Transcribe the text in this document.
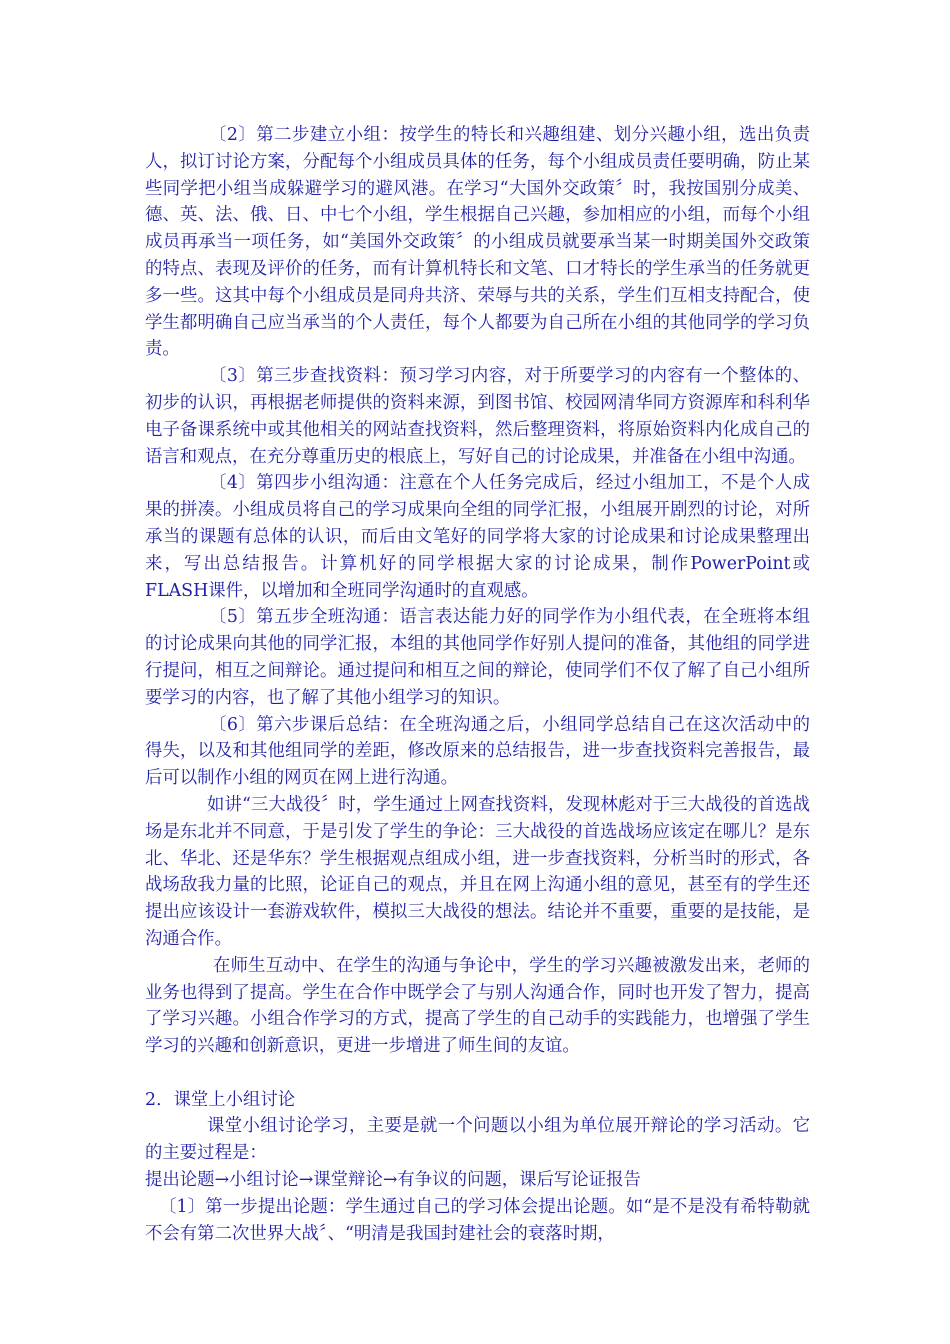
〔2〕第二步建立小组：按学生的特长和兴趣组建、划分兴趣小组，选出负责人，拟订讨论方案，分配每个小组成员具体的任务，每个小组成员责任要明确，防止某些同学把小组当成躲避学习的避风港。在学习“大国外交政策〞时，我按国别分成美、德、英、法、俄、日、中七个小组，学生根据自己兴趣，参加相应的小组，而每个小组成员再承当一项任务，如“美国外交政策〞的小组成员就要承当某一时期美国外交政策的特点、表现及评价的任务，而有计算机特长和文笔、口才特长的学生承当的任务就更多一些。这其中每个小组成员是同舟共济、荣辱与共的关系，学生们互相支持配合，使学生都明确自己应当承当的个人责任，每个人都要为自己所在小组的其他同学的学习负责。

〔3〕第三步查找资料：预习学习内容，对于所要学习的内容有一个整体的、初步的认识，再根据老师提供的资料来源，到图书馆、校园网清华同方资源库和科利华电子备课系统中或其他相关的网站查找资料，然后整理资料，将原始资料内化成自己的语言和观点，在充分尊重历史的根底上，写好自己的讨论成果，并准备在小组中沟通。

〔4〕第四步小组沟通：注意在个人任务完成后，经过小组加工，不是个人成果的拼凑。小组成员将自己的学习成果向全组的同学汇报，小组展开剧烈的讨论，对所承当的课题有总体的认识，而后由文笔好的同学将大家的讨论成果和讨论成果整理出来，写出总结报告。计算机好的同学根据大家的讨论成果，制作PowerPoint或FLASH课件，以增加和全班同学沟通时的直观感。

〔5〕第五步全班沟通：语言表达能力好的同学作为小组代表，在全班将本组的讨论成果向其他的同学汇报，本组的其他同学作好别人提问的准备，其他组的同学进行提问，相互之间辩论。通过提问和相互之间的辩论，使同学们不仅了解了自己小组所要学习的内容，也了解了其他小组学习的知识。

〔6〕第六步课后总结：在全班沟通之后，小组同学总结自己在这次活动中的得失，以及和其他组同学的差距，修改原来的总结报告，进一步查找资料完善报告，最后可以制作小组的网页在网上进行沟通。

如讲“三大战役〞时，学生通过上网查找资料，发现林彪对于三大战役的首选战场是东北并不同意，于是引发了学生的争论：三大战役的首选战场应该定在哪儿？是东北、华北、还是华东？学生根据观点组成小组，进一步查找资料，分析当时的形式，各战场敌我力量的比照，论证自己的观点，并且在网上沟通小组的意见，甚至有的学生还提出应该设计一套游戏软件，模拟三大战役的想法。结论并不重要，重要的是技能，是沟通合作。

在师生互动中、在学生的沟通与争论中，学生的学习兴趣被激发出来，老师的业务也得到了提高。学生在合作中既学会了与别人沟通合作，同时也开发了智力，提高了学习兴趣。小组合作学习的方式，提高了学生的自己动手的实践能力，也增强了学生学习的兴趣和创新意识，更进一步增进了师生间的友谊。

2．课堂上小组讨论

课堂小组讨论学习，主要是就一个问题以小组为单位展开辩论的学习活动。它的主要过程是：

提出论题→小组讨论→课堂辩论→有争议的问题，课后写论证报告

〔1〕第一步提出论题：学生通过自己的学习体会提出论题。如“是不是没有希特勒就不会有第二次世界大战〞、“明清是我国封建社会的衰落时期，
